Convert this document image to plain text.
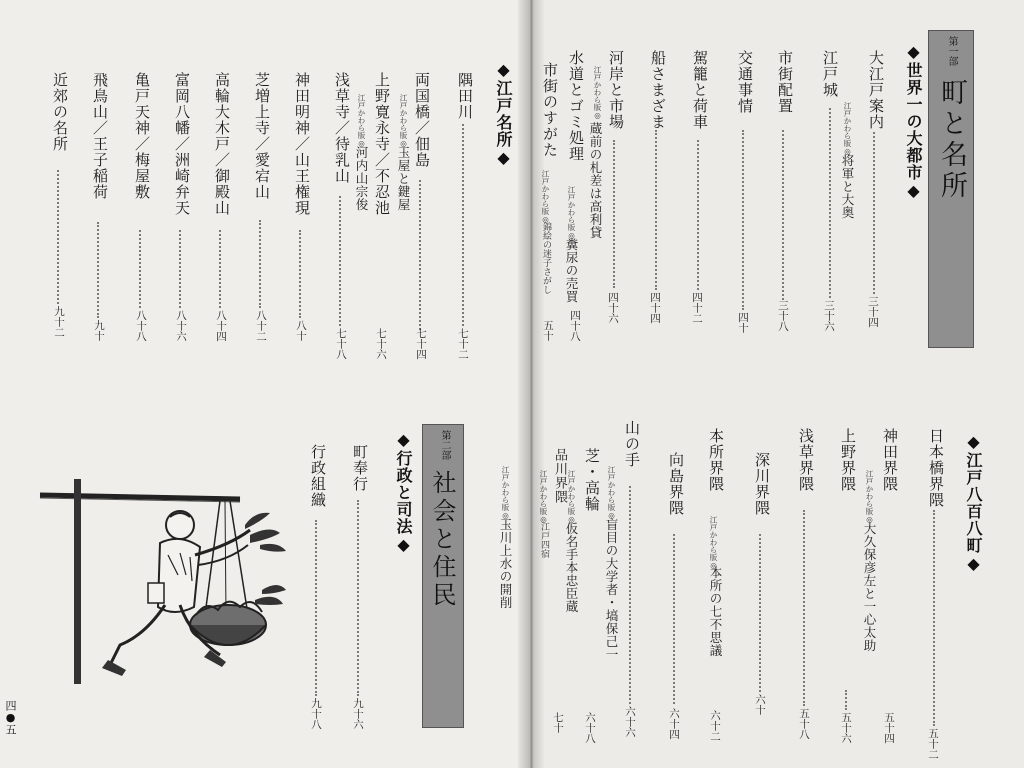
第一部
町と名所
◆世界一の大都市◆
大江戸案内
三十四
江戸城
江戸かわら版◎
将軍と大奥
三十六
市街配置
三十八
交通事情
四十
駕籠と荷車
四十二
船さまざま
四十四
河岸と市場
江戸かわら版◎
蔵前の札差は高利貸
四十六
水道とゴミ処理
江戸かわら版◎
糞尿の売買
四十八
市街のすがた
江戸かわら版◎
錦絵の迷子さがし
五十
◆江戸八百八町◆
日本橋界隈
五十二
神田界隈
江戸かわら版◎
大久保彦左と一心太助
五十四
上野界隈
五十六
浅草界隈
五十八
深川界隈
六十
本所界隈
江戸かわら版◎
本所の七不思議
六十二
向島界隈
六十四
山の手
江戸かわら版◎
盲目の大学者・塙保己一
六十六
芝・高輪
江戸かわら版◎
仮名手本忠臣蔵
六十八
品川界隈
江戸かわら版◎
江戸四宿
七十
◆江戸名所◆
隅田川
七十二
両国橋／佃島
江戸かわら版◎
玉屋と鍵屋
七十四
上野寛永寺／不忍池
江戸かわら版◎
河内山宗俊
七十六
浅草寺／待乳山
七十八
神田明神／山王権現
八十
芝増上寺／愛宕山
八十二
高輪大木戸／御殿山
八十四
富岡八幡／洲崎弁天
八十六
亀戸天神／梅屋敷
八十八
飛鳥山／王子稲荷
九十
近郊の名所
九十二
江戸かわら版◎
玉川上水の開削
第二部
社会と住民
◆行政と司法◆
町奉行
九十六
行政組織
九十八
四●五
